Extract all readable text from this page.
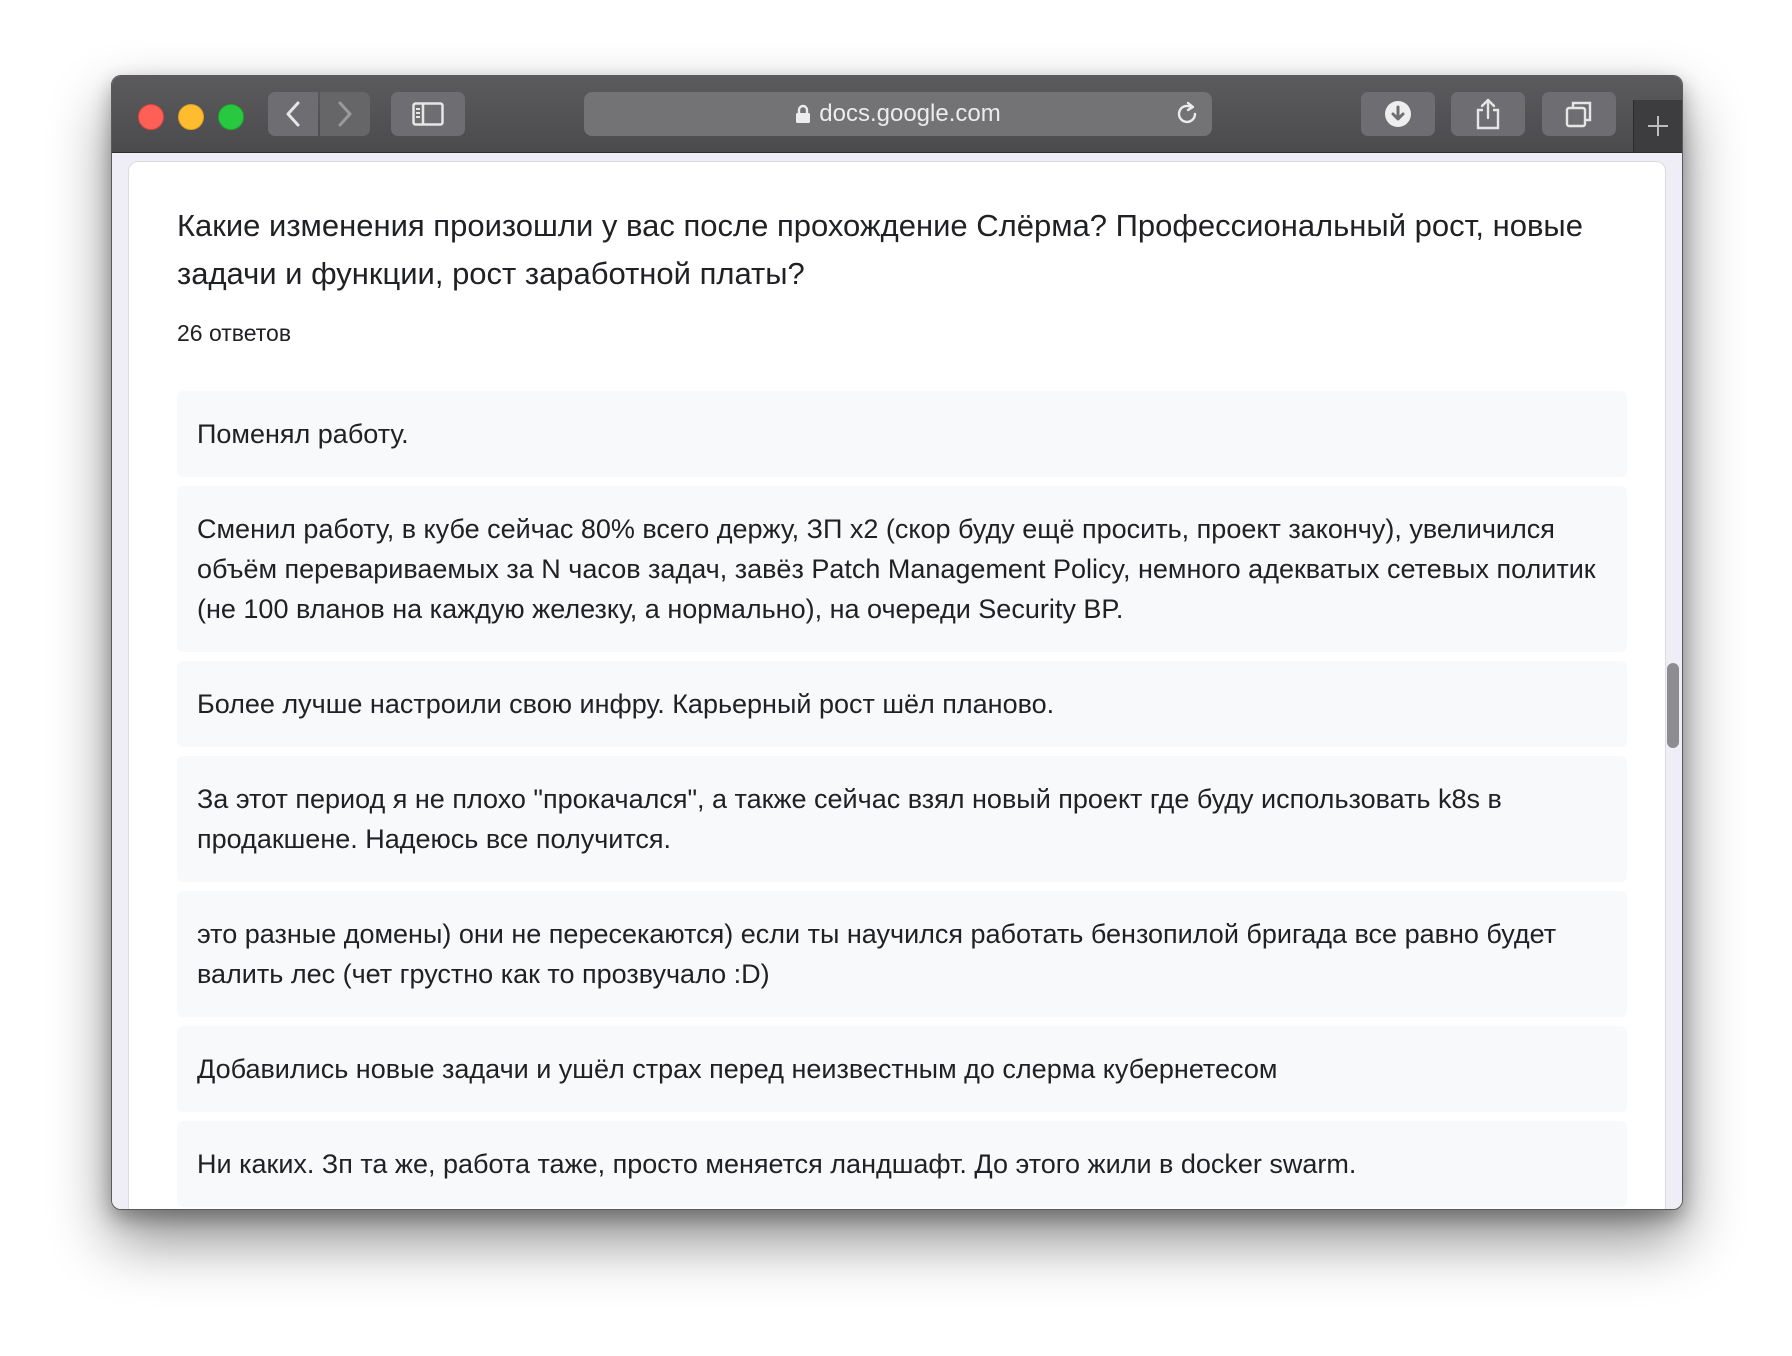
docs.google.com
Какие изменения произошли у вас после прохождение Слёрма? Профессиональный рост, новые задачи и функции, рост заработной платы?
26 ответов
Поменял работу.
Сменил работу, в кубе сейчас 80% всего держу, ЗП х2 (скор буду ещё просить, проект закончу), увеличился объём перевариваемых за N часов задач, завёз Patch Management Policy, немного адекватых сетевых политик (не 100 вланов на каждую железку, а нормально), на очереди Security BP.
Более лучше настроили свою инфру. Карьерный рост шёл планово.
За этот период я не плохо "прокачался", а также сейчас взял новый проект где буду использовать k8s в продакшене. Надеюсь все получится.
это разные домены) они не пересекаются) если ты научился работать бензопилой бригада все равно будет валить лес (чет грустно как то прозвучало :D)
Добавились новые задачи и ушёл страх перед неизвестным до слерма кубернетесом
Ни каких. Зп та же, работа таже, просто меняется ландшафт. До этого жили в docker swarm.
